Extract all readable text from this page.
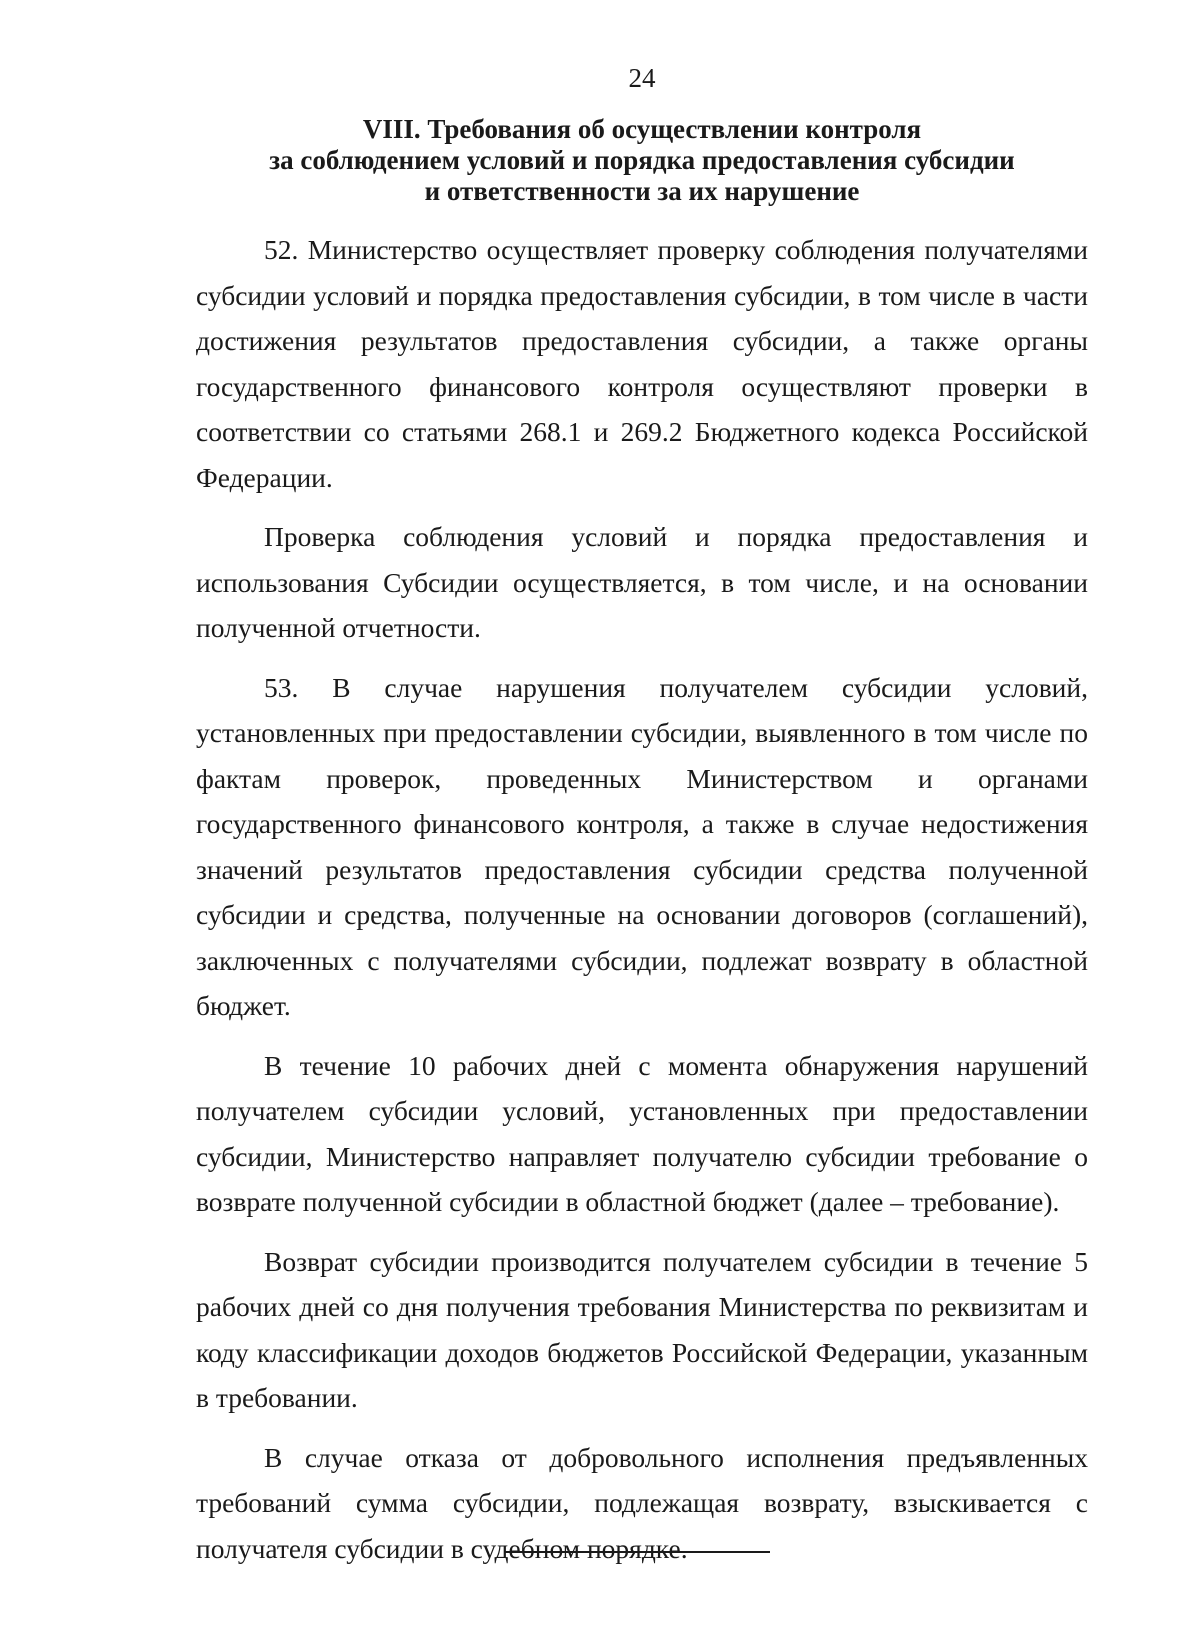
24
VIII. Требования об осуществлении контроля
за соблюдением условий и порядка предоставления субсидии
и ответственности за их нарушение

52. Министерство осуществляет проверку соблюдения получателями субсидии условий и порядка предоставления субсидии, в том числе в части достижения результатов предоставления субсидии, а также органы государственного финансового контроля осуществляют проверки в соответствии со статьями 268.1 и 269.2 Бюджетного кодекса Российской Федерации.

Проверка соблюдения условий и порядка предоставления и использования Субсидии осуществляется, в том числе, и на основании полученной отчетности.

53. В случае нарушения получателем субсидии условий, установленных при предоставлении субсидии, выявленного в том числе по фактам проверок, проведенных Министерством и органами государственного финансового контроля, а также в случае недостижения значений результатов предоставления субсидии средства полученной субсидии и средства, полученные на основании договоров (соглашений), заключенных с получателями субсидии, подлежат возврату в областной бюджет.

В течение 10 рабочих дней с момента обнаружения нарушений получателем субсидии условий, установленных при предоставлении субсидии, Министерство направляет получателю субсидии требование о возврате полученной субсидии в областной бюджет (далее – требование).

Возврат субсидии производится получателем субсидии в течение 5 рабочих дней со дня получения требования Министерства по реквизитам и коду классификации доходов бюджетов Российской Федерации, указанным в требовании.

В случае отказа от добровольного исполнения предъявленных требований сумма субсидии, подлежащая возврату, взыскивается с получателя субсидии в судебном порядке.
